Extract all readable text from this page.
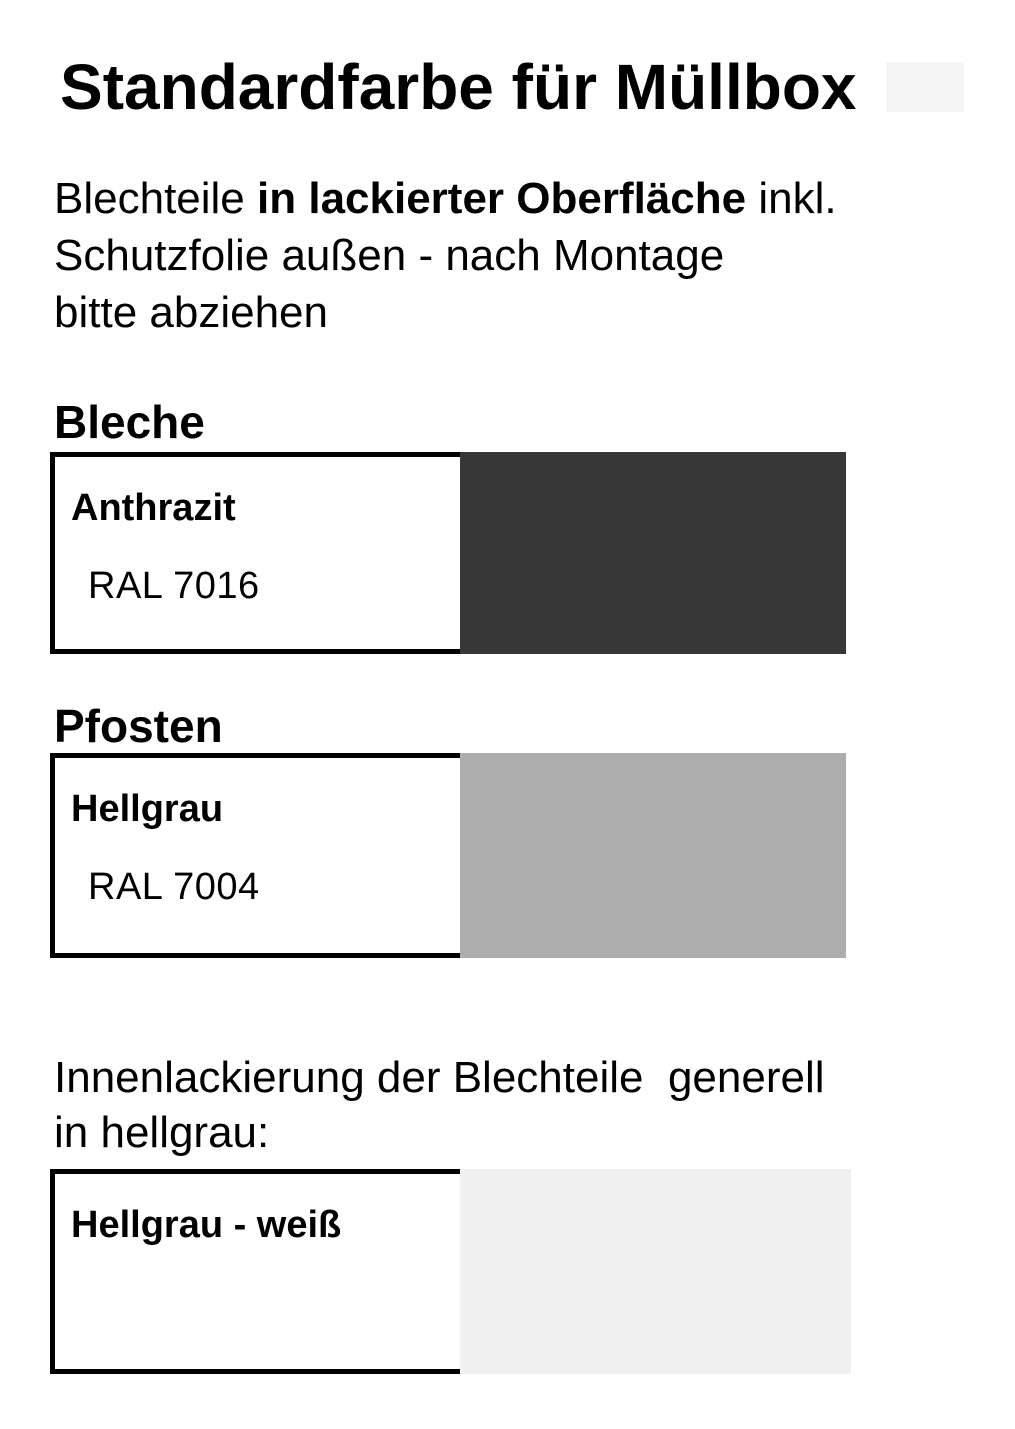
Standardfarbe für Müllbox

Blechteile in lackierter Oberfläche inkl.
Schutzfolie außen - nach Montage
bitte abziehen

Bleche
Anthrazit
RAL 7016
Pfosten
Hellgrau
RAL 7004

Innenlackierung der Blechteile  generell
in hellgrau:

Hellgrau - weiß
